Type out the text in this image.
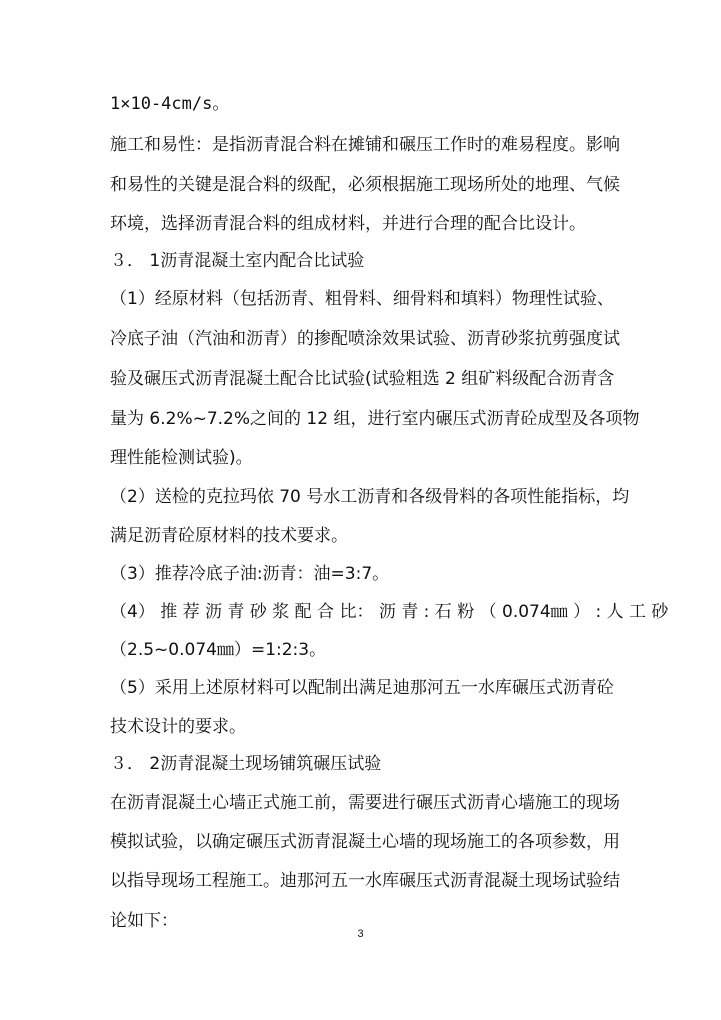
1×10-4cm/s。
施工和易性：是指沥青混合料在摊铺和碾压工作时的难易程度。影响
和易性的关键是混合料的级配，必须根据施工现场所处的地理、气候
环境，选择沥青混合料的组成材料，并进行合理的配合比设计。
３． 1沥青混凝土室内配合比试验
（1）经原材料（包括沥青、粗骨料、细骨料和填料）物理性试验、
冷底子油（汽油和沥青）的掺配喷涂效果试验、沥青砂浆抗剪强度试
验及碾压式沥青混凝土配合比试验(试验粗选 2 组矿料级配合沥青含
量为 6.2%~7.2%之间的 12 组，进行室内碾压式沥青砼成型及各项物
理性能检测试验)。
（2）送检的克拉玛依 70 号水工沥青和各级骨料的各项性能指标，均
满足沥青砼原材料的技术要求。
（3）推荐冷底子油:沥青：油=3:7。
（4） 推 荐 沥 青 砂 浆 配 合 比： 沥 青 : 石 粉 （ 0.074㎜ ） : 人 工 砂
（2.5~0.074㎜）=1:2:3。
（5）采用上述原材料可以配制出满足迪那河五一水库碾压式沥青砼
技术设计的要求。
３． 2沥青混凝土现场铺筑碾压试验
在沥青混凝土心墙正式施工前，需要进行碾压式沥青心墙施工的现场
模拟试验，以确定碾压式沥青混凝土心墙的现场施工的各项参数，用
以指导现场工程施工。迪那河五一水库碾压式沥青混凝土现场试验结
论如下：
3
